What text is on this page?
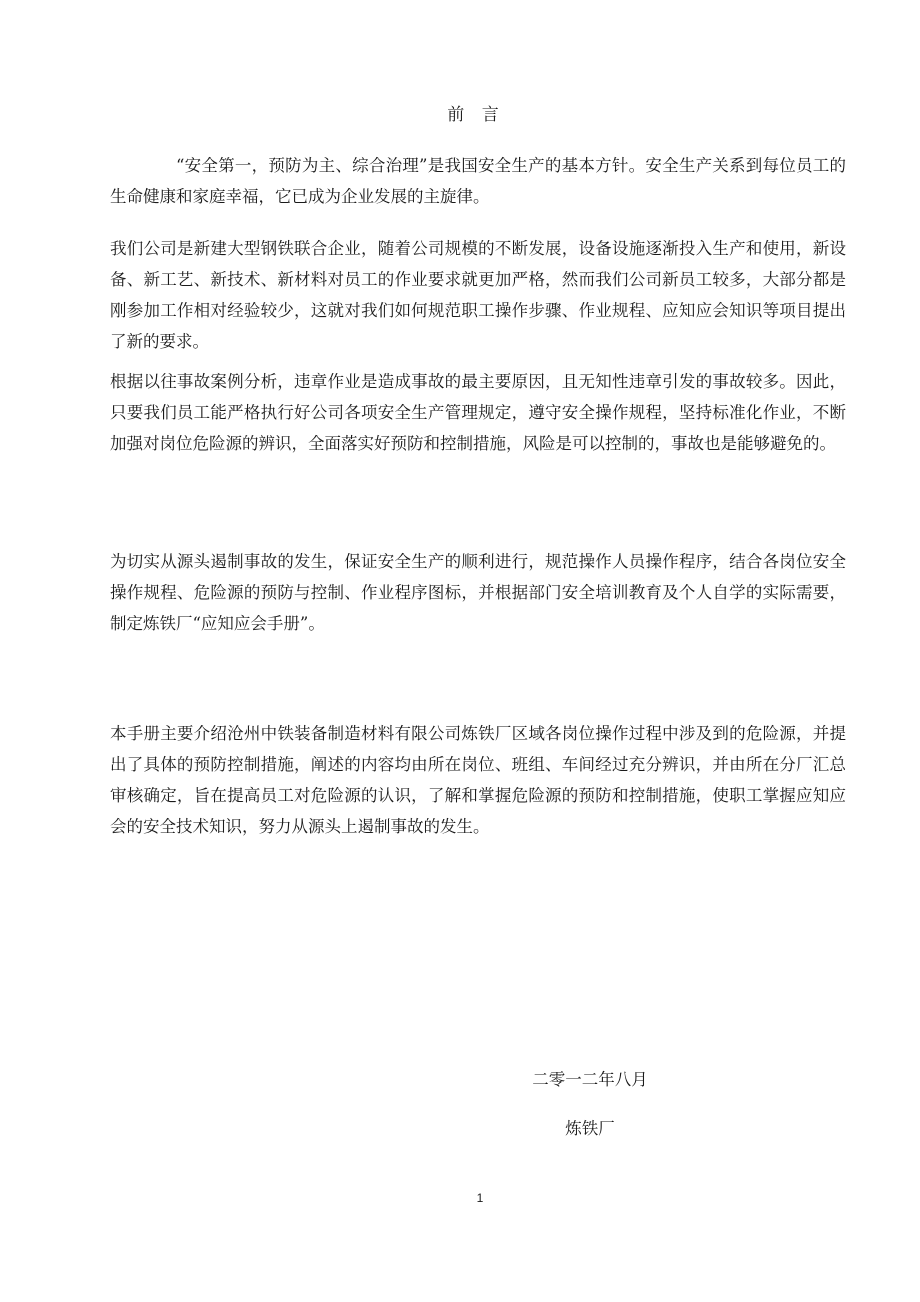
前 言

“安全第一，预防为主、综合治理”是我国安全生产的基本方针。安全生产关系到每位员工的生命健康和家庭幸福，它已成为企业发展的主旋律。

我们公司是新建大型钢铁联合企业，随着公司规模的不断发展，设备设施逐渐投入生产和使用，新设备、新工艺、新技术、新材料对员工的作业要求就更加严格，然而我们公司新员工较多，大部分都是刚参加工作相对经验较少，这就对我们如何规范职工操作步骤、作业规程、应知应会知识等项目提出了新的要求。

根据以往事故案例分析，违章作业是造成事故的最主要原因，且无知性违章引发的事故较多。因此，只要我们员工能严格执行好公司各项安全生产管理规定，遵守安全操作规程，坚持标准化作业，不断加强对岗位危险源的辨识，全面落实好预防和控制措施，风险是可以控制的，事故也是能够避免的。

为切实从源头遏制事故的发生，保证安全生产的顺利进行，规范操作人员操作程序，结合各岗位安全操作规程、危险源的预防与控制、作业程序图标，并根据部门安全培训教育及个人自学的实际需要，制定炼铁厂“应知应会手册”。

本手册主要介绍沧州中铁装备制造材料有限公司炼铁厂区域各岗位操作过程中涉及到的危险源，并提出了具体的预防控制措施，阐述的内容均由所在岗位、班组、车间经过充分辨识，并由所在分厂汇总审核确定，旨在提高员工对危险源的认识，了解和掌握危险源的预防和控制措施，使职工掌握应知应会的安全技术知识，努力从源头上遏制事故的发生。

二零一二年八月
炼铁厂
1
